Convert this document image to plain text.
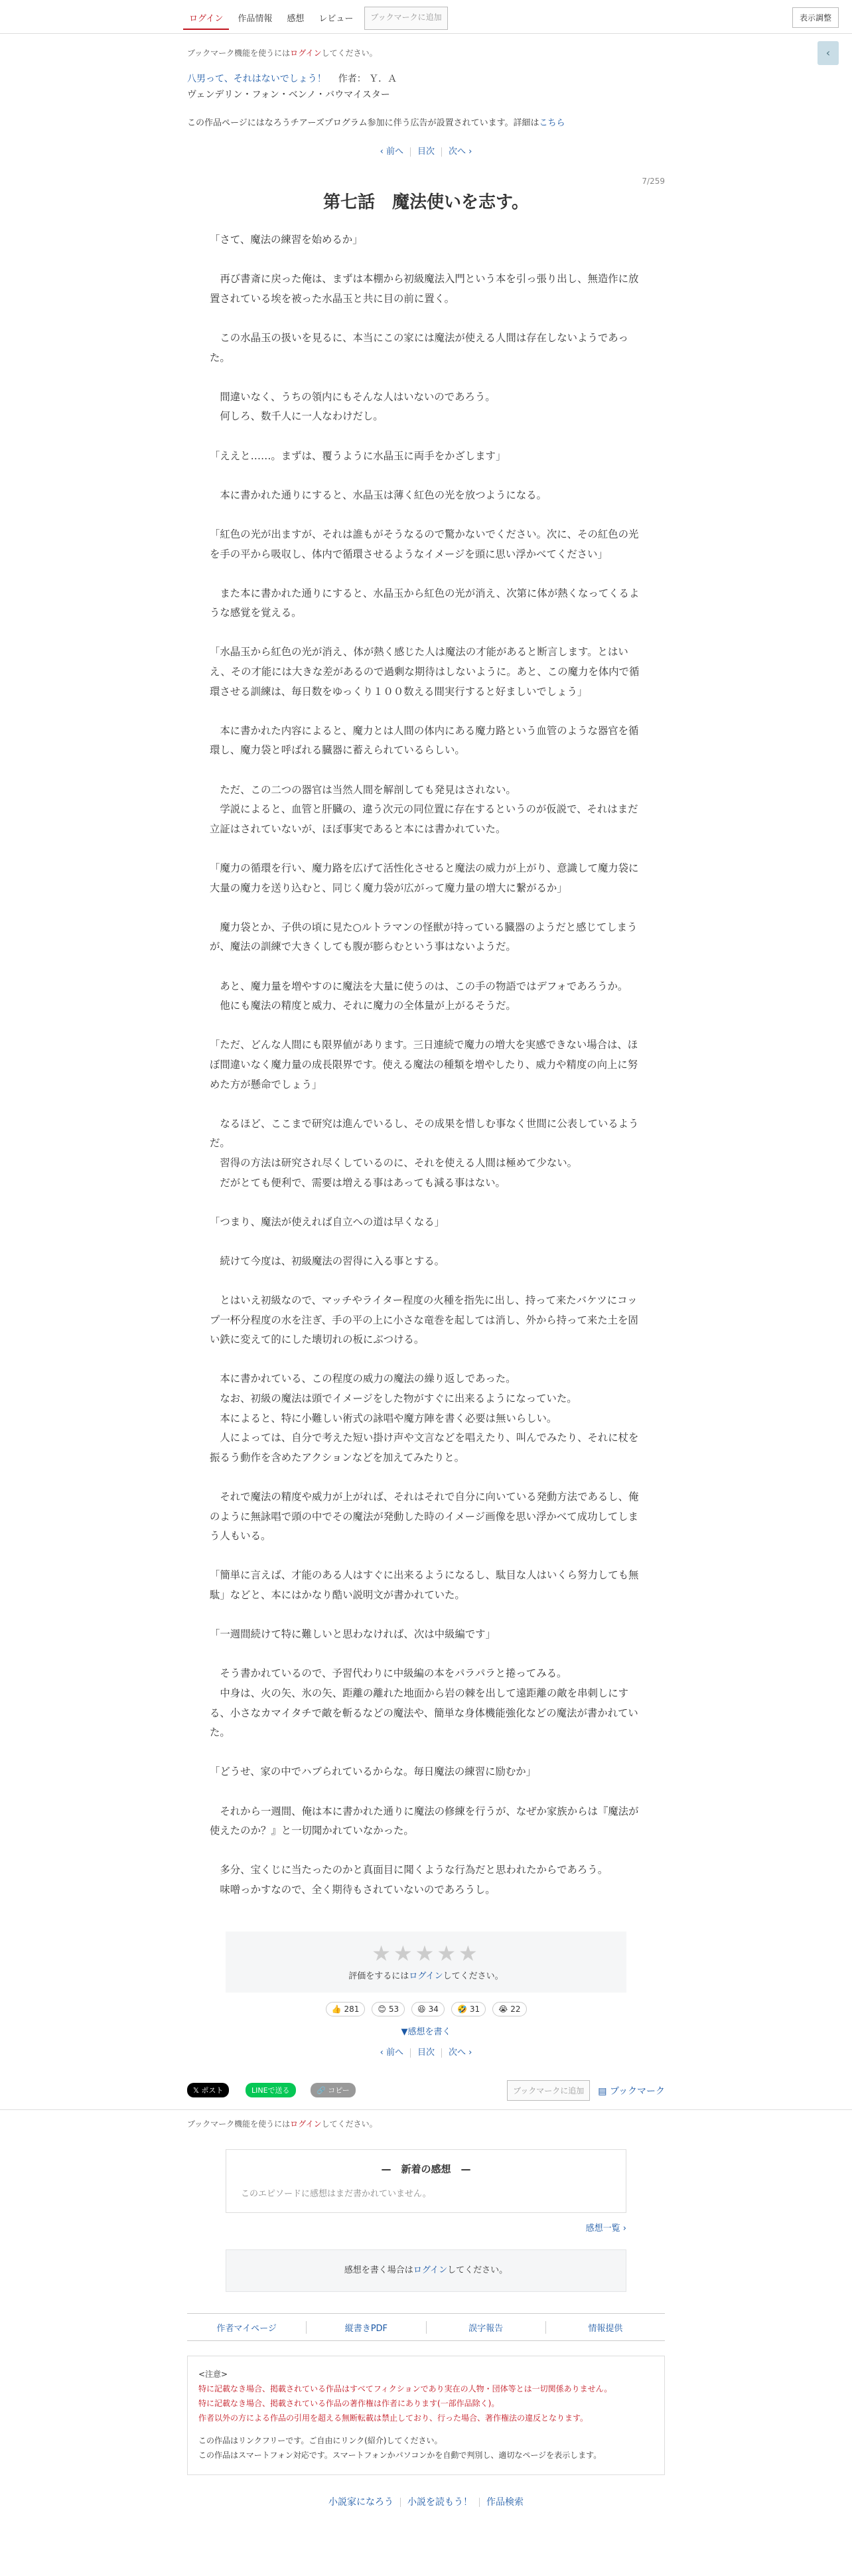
ログイン	作品情報	感想	レビュー	ブックマークに追加	表示調整
‹
ブックマーク機能を使うにはログインしてください。
八男って、それはないでしょう！ 作者： Ｙ．Ａ
ヴェンデリン・フォン・ベンノ・バウマイスター
この作品ページにはなろうチアーズプログラム参加に伴う広告が設置されています。詳細はこちら
‹ 前へ 目次 次へ ›
7/259
第七話　魔法使いを志す。

「さて、魔法の練習を始めるか」

　再び書斎に戻った俺は、まずは本棚から初級魔法入門という本を引っ張り出し、無造作に放置されている埃を被った水晶玉と共に目の前に置く。

　この水晶玉の扱いを見るに、本当にこの家には魔法が使える人間は存在しないようであった。

　間違いなく、うちの領内にもそんな人はいないのであろう。
　何しろ、数千人に一人なわけだし。

「ええと……。まずは、覆うように水晶玉に両手をかざします」

　本に書かれた通りにすると、水晶玉は薄く紅色の光を放つようになる。

「紅色の光が出ますが、それは誰もがそうなるので驚かないでください。次に、その紅色の光を手の平から吸収し、体内で循環させるようなイメージを頭に思い浮かべてください」

　また本に書かれた通りにすると、水晶玉から紅色の光が消え、次第に体が熱くなってくるような感覚を覚える。

「水晶玉から紅色の光が消え、体が熱く感じた人は魔法の才能があると断言します。とはいえ、その才能には大きな差があるので過剰な期待はしないように。あと、この魔力を体内で循環させる訓練は、毎日数をゆっくり１００数える間実行すると好ましいでしょう」

　本に書かれた内容によると、魔力とは人間の体内にある魔力路という血管のような器官を循環し、魔力袋と呼ばれる臓器に蓄えられているらしい。

　ただ、この二つの器官は当然人間を解剖しても発見はされない。
　学説によると、血管と肝臓の、違う次元の同位置に存在するというのが仮説で、それはまだ立証はされていないが、ほぼ事実であると本には書かれていた。

「魔力の循環を行い、魔力路を広げて活性化させると魔法の威力が上がり、意識して魔力袋に大量の魔力を送り込むと、同じく魔力袋が広がって魔力量の増大に繋がるか」

　魔力袋とか、子供の頃に見た○ルトラマンの怪獣が持っている臓器のようだと感じてしまうが、魔法の訓練で大きくしても腹が膨らむという事はないようだ。

　あと、魔力量を増やすのに魔法を大量に使うのは、この手の物語ではデフォであろうか。
　他にも魔法の精度と威力、それに魔力の全体量が上がるそうだ。

「ただ、どんな人間にも限界値があります。三日連続で魔力の増大を実感できない場合は、ほぼ間違いなく魔力量の成長限界です。使える魔法の種類を増やしたり、威力や精度の向上に努めた方が懸命でしょう」

　なるほど、ここまで研究は進んでいるし、その成果を惜しむ事なく世間に公表しているようだ。
　習得の方法は研究され尽くしているのに、それを使える人間は極めて少ない。
　だがとても便利で、需要は増える事はあっても減る事はない。

「つまり、魔法が使えれば自立への道は早くなる」

　続けて今度は、初級魔法の習得に入る事とする。

　とはいえ初級なので、マッチやライター程度の火種を指先に出し、持って来たバケツにコップ一杯分程度の水を注ぎ、手の平の上に小さな竜巻を起しては消し、外から持って来た土を固い鉄に変えて的にした壊切れの板にぶつける。

　本に書かれている、この程度の威力の魔法の繰り返しであった。
　なお、初級の魔法は頭でイメージをした物がすぐに出来るようになっていた。
　本によると、特に小難しい術式の詠唱や魔方陣を書く必要は無いらしい。
　人によっては、自分で考えた短い掛け声や文言などを唱えたり、叫んでみたり、それに杖を振るう動作を含めたアクションなどを加えてみたりと。

　それで魔法の精度や威力が上がれば、それはそれで自分に向いている発動方法であるし、俺のように無詠唱で頭の中でその魔法が発動した時のイメージ画像を思い浮かべて成功してしまう人もいる。

「簡単に言えば、才能のある人はすぐに出来るようになるし、駄目な人はいくら努力しても無駄」などと、本にはかなり酷い説明文が書かれていた。

「一週間続けて特に難しいと思わなければ、次は中級編です」

　そう書かれているので、予習代わりに中級編の本をパラパラと捲ってみる。
　中身は、火の矢、氷の矢、距離の離れた地面から岩の棘を出して遠距離の敵を串刺しにする、小さなカマイタチで敵を斬るなどの魔法や、簡単な身体機能強化などの魔法が書かれていた。

「どうせ、家の中でハブられているからな。毎日魔法の練習に励むか」

　それから一週間、俺は本に書かれた通りに魔法の修練を行うが、なぜか家族からは『魔法が使えたのか？』と一切聞かれていなかった。

　多分、宝くじに当たったのかと真面目に聞くような行為だと思われたからであろう。
　味噌っかすなので、全く期待もされていないのであろうし。

★★★★★
評価をするにはログインしてください。
👍 281	😊 53	😆 34	🤣 31	😭 22
▼感想を書く
‹ 前へ 目次 次へ ›
𝕏 ポスト	LINEで送る	🔗 コピー	ブックマークに追加	▤ ブックマーク
ブックマーク機能を使うにはログインしてください。
—　新着の感想　—
このエピソードに感想はまだ書かれていません。
感想一覧 ›
感想を書く場合はログインしてください。
作者マイページ	縦書きPDF	誤字報告	情報提供
<注意>
特に記載なき場合、掲載されている作品はすべてフィクションであり実在の人物・団体等とは一切関係ありません。
特に記載なき場合、掲載されている作品の著作権は作者にあります(一部作品除く)。
作者以外の方による作品の引用を超える無断転載は禁止しており、行った場合、著作権法の違反となります。
この作品はリンクフリーです。ご自由にリンク(紹介)してください。
この作品はスマートフォン対応です。スマートフォンかパソコンかを自動で判別し、適切なページを表示します。
小説家になろう 小説を読もう！ 作品検索
